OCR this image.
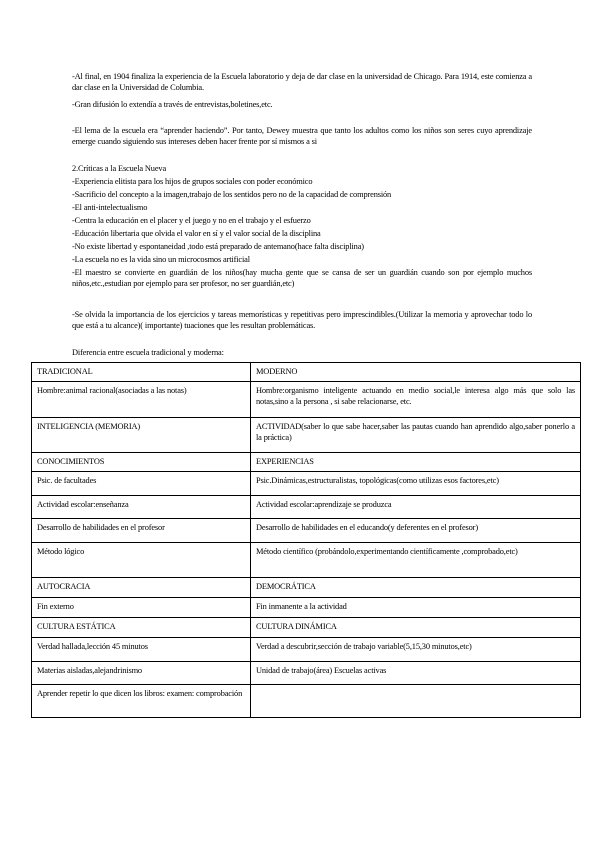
-Al final, en 1904 finaliza la experiencia de la Escuela laboratorio y deja de dar clase en la universidad de Chicago. Para 1914, este comienza a dar clase en la Universidad de Columbia.

-Gran difusión lo extendía a través de entrevistas,boletines,etc.

-El lema de la escuela era “aprender haciendo”. Por tanto, Dewey muestra que tanto los adultos como los niños son seres cuyo aprendizaje emerge cuando siguiendo sus intereses deben hacer frente por sí mismos a si

2.Críticas a la Escuela Nueva

-Experiencia elitista para los hijos de grupos sociales con poder económico

-Sacrificio del concepto a la imagen,trabajo de los sentidos pero no de la capacidad de comprensión

-El anti-intelectualismo

-Centra la educación en el placer y el juego y no en el trabajo y el esfuerzo

-Educación libertaria que olvida el valor en sí y el valor social de la disciplina

-No existe libertad y espontaneidad ,todo está preparado de antemano(hace falta disciplina)

-La escuela no es la vida sino un microcosmos artificial

-El maestro se convierte en guardián de los niños(hay mucha gente que se cansa de ser un guardián cuando son por ejemplo muchos niños,etc.,estudian por ejemplo para ser profesor, no ser guardián,etc)

-Se olvida la importancia de los ejercicios y tareas memorísticas y repetitivas pero imprescindibles.(Utilizar la memoria y aprovechar todo lo que está a tu alcance)( importante) tuaciones que les resultan problemáticas.

Diferencia entre escuela tradicional y moderna:

TRADICIONAL	MODERNO
Hombre:animal racional(asociadas a las notas)	Hombre:organismo inteligente actuando en medio social,le interesa algo más que solo las notas,sino a la persona , si sabe relacionarse, etc.
INTELIGENCIA (MEMORIA)	ACTIVIDAD(saber lo que sabe hacer,saber las pautas cuando han aprendido algo,saber ponerlo a la práctica)
CONOCIMIENTOS	EXPERIENCIAS
Psic. de facultades	Psic.Dinámicas,estructuralistas, topológicas(como utilizas esos factores,etc)
Actividad escolar:enseñanza	Actividad escolar:aprendizaje se produzca
Desarrollo de habilidades en el profesor	Desarrollo de habilidades en el educando(y deferentes en el profesor)
Método lógico	Método científico (probándolo,experimentando científicamente ,comprobado,etc)
AUTOCRACIA	DEMOCRÁTICA
Fin externo	Fin inmanente a la actividad
CULTURA ESTÁTICA	CULTURA DINÁMICA
Verdad hallada,lección 45 minutos	Verdad a descubrir,sección de trabajo variable(5,15,30 minutos,etc)
Materias aisladas,alejandrinismo	Unidad de trabajo(área) Escuelas activas
Aprender repetir lo que dicen los libros: examen: comprobación	
